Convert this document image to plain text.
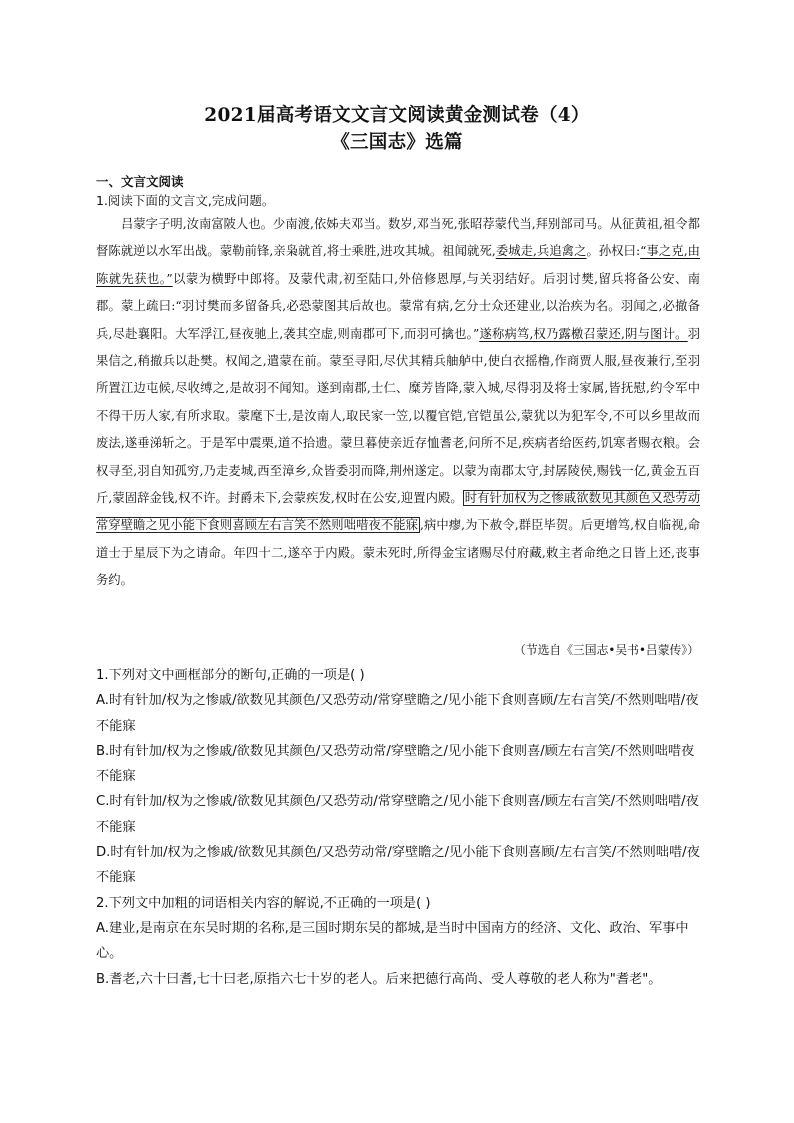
2021届高考语文文言文阅读黄金测试卷（4）
《三国志》选篇
一、文言文阅读
1.阅读下面的文言文,完成问题。
吕蒙字子明,汝南富陂人也。少南渡,依姊夫邓当。数岁,邓当死,张昭荐蒙代当,拜别部司马。从征黄祖,祖令都督陈就逆以水军出战。蒙勒前锋,亲枭就首,将士乘胜,进攻其城。祖闻就死,委城走,兵追禽之。孙权曰:“事之克,由陈就先获也。”以蒙为横野中郎将。及蒙代肃,初至陆口,外倍修恩厚,与关羽结好。后羽讨樊,留兵将备公安、南郡。蒙上疏曰:“羽讨樊而多留备兵,必恐蒙图其后故也。蒙常有病,乞分士众还建业,以治疾为名。羽闻之,必撤备兵,尽赴襄阳。大军浮江,昼夜驰上,袭其空虚,则南郡可下,而羽可擒也。”遂称病笃,权乃露檄召蒙还,阴与图计。羽果信之,稍撤兵以赴樊。权闻之,遣蒙在前。蒙至寻阳,尽伏其精兵舳舻中,使白衣摇橹,作商贾人服,昼夜兼行,至羽所置江边屯候,尽收缚之,是故羽不闻知。遂到南郡,士仁、糜芳皆降,蒙入城,尽得羽及将士家属,皆抚慰,约令军中不得干历人家,有所求取。蒙麾下士,是汝南人,取民家一笠,以覆官铠,官铠虽公,蒙犹以为犯军令,不可以乡里故而废法,遂垂涕斩之。于是军中震栗,道不拾遗。蒙旦暮使亲近存恤耆老,问所不足,疾病者给医药,饥寒者赐衣粮。会权寻至,羽自知孤穷,乃走麦城,西至漳乡,众皆委羽而降,荆州遂定。以蒙为南郡太守,封孱陵侯,赐钱一亿,黄金五百斤,蒙固辞金钱,权不许。封爵未下,会蒙疾发,权时在公安,迎置内殿。 时有针加权为之惨戚欲数见其颜色又恐劳动常穿壁瞻之见小能下食则喜顾左右言笑不然则咄唶夜不能寐 ,病中瘳,为下赦令,群臣毕贺。后更增笃,权自临视,命道士于星辰下为之请命。年四十二,遂卒于内殿。蒙未死时,所得金宝诸赐尽付府藏,敕主者命绝之日皆上还,丧事务约。
（节选自《三国志•吴书•吕蒙传》）
1.下列对文中画框部分的断句,正确的一项是( )
A.时有针加/权为之惨戚/欲数见其颜色/又恐劳动/常穿壁瞻之/见小能下食则喜顾/左右言笑/不然则咄唶/夜不能寐
B.时有针加/权为之惨戚/欲数见其颜色/又恐劳动常/穿壁瞻之/见小能下食则喜/顾左右言笑/不然则咄唶夜不能寐
C.时有针加/权为之惨戚/欲数见其颜色/又恐劳动/常穿壁瞻之/见小能下食则喜/顾左右言笑/不然则咄唶/夜不能寐
D.时有针加/权为之惨戚/欲数见其颜色/又恐劳动常/穿壁瞻之/见小能下食则喜顾/左右言笑/不然则咄唶/夜不能寐
2.下列文中加粗的词语相关内容的解说,不正确的一项是( )
A.建业,是南京在东吴时期的名称,是三国时期东吴的都城,是当时中国南方的经济、文化、政治、军事中心。
B.耆老,六十曰耆,七十曰老,原指六七十岁的老人。后来把德行高尚、受人尊敬的老人称为"耆老"。
